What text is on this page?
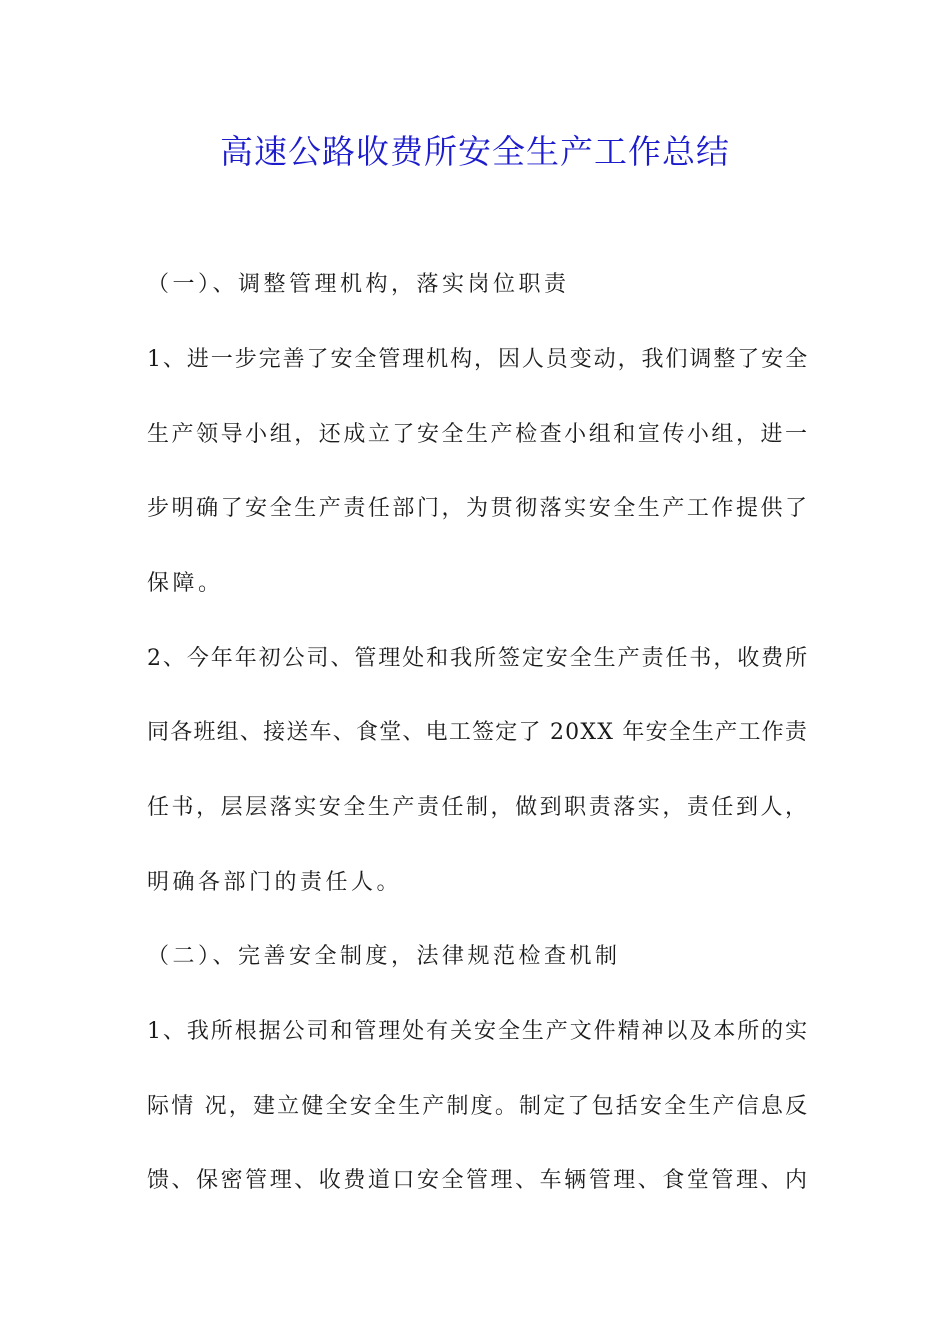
高速公路收费所安全生产工作总结
（一）、调整管理机构，落实岗位职责
1、进一步完善了安全管理机构，因人员变动，我们调整了安全
生产领导小组，还成立了安全生产检查小组和宣传小组，进一
步明确了安全生产责任部门，为贯彻落实安全生产工作提供了
保障。
2、今年年初公司、管理处和我所签定安全生产责任书，收费所
同各班组、接送车、食堂、电工签定了 20XX 年安全生产工作责
任书，层层落实安全生产责任制，做到职责落实，责任到人，
明确各部门的责任人。
（二）、完善安全制度，法律规范检查机制
1、我所根据公司和管理处有关安全生产文件精神以及本所的实
际情 况，建立健全安全生产制度。制定了包括安全生产信息反
馈、保密管理、收费道口安全管理、车辆管理、食堂管理、内
